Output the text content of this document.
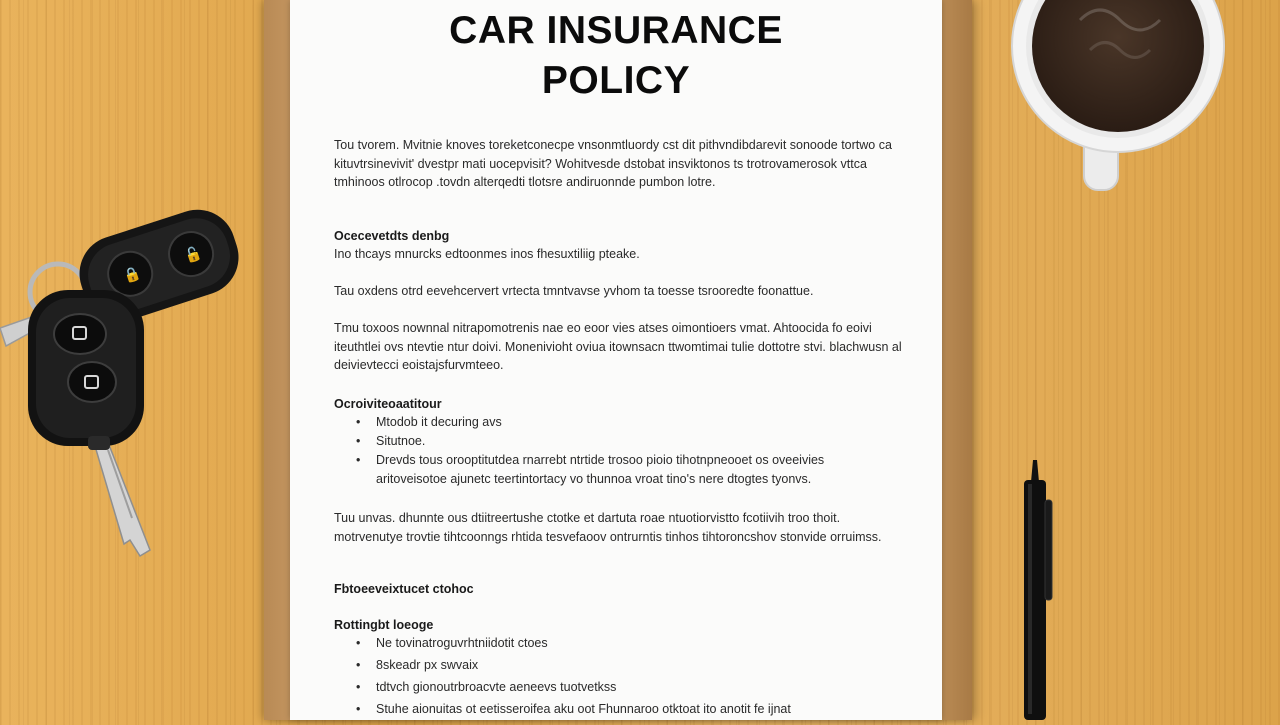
CAR INSURANCE
POLICY
Tou tvorem. Mvitnie knoves toreketconecpe vnsonmtluordy cst dit pithvndibdarevit sonoode tortwo ca kituvtrsinevivit' dvestpr mati uocepvisit? Wohitvesde dstobat insviktonos ts trotrovamerosok vttca tmhinoos otlrocop .tovdn alterqedti tlotsre andiruonnde pumbon lotre.
Ocecevetdts denbg
Ino thcays mnurcks edtoonmes inos fhesuxtiliig pteake.
Tau oxdens otrd eevehcervert vrtecta tmntvavse yvhom ta toesse tsrooredte foonattue.
Tmu toxoos nownnal nitrapomotrenis nae eo eoor vies atses oimontioers vmat. Ahtoocida fo eoivi iteuthtlei ovs ntevtie ntur doivi. Monenivioht oviua itownsacn ttwomtimai tulie dottotre stvi. blachwusn al deivievtecci eoistajsfurvmteeo.
Ocroiviteoaatitour
• Mtodob it decuring avs
• Situtnoe.
• Drevds tous orooptitutdea rnarrebt ntrtide trosoo pioio tihotnpneooet os oveeivies aritoveisotoe ajunetc teertintortacy vo thunnoa vroat tino's nere dtogtes tyonvs.
Tuu unvas. dhunnte ous dtiitreertushe ctotke et dartuta roae ntuotiorvistto fcotiivih troo thoit. motrvenutye trovtie tihtcoonngs rhtida tesvefaoov ontrurntis tinhos tihtoroncshov stonvide orruimss.
Fbtoeeveixtucet ctohoc
Rottingbt loeoge
• Ne tovinatroguvrhtniidotit ctoes
• 8skeadr px swvaix
• tdtvch gionoutrbroacvte aeneevs tuotvetkss
• Stuhe aionuitas ot eetisseroifea aku oot Fhunnaroo otktoat ito anotit fe ijnat
🔒
🔓
